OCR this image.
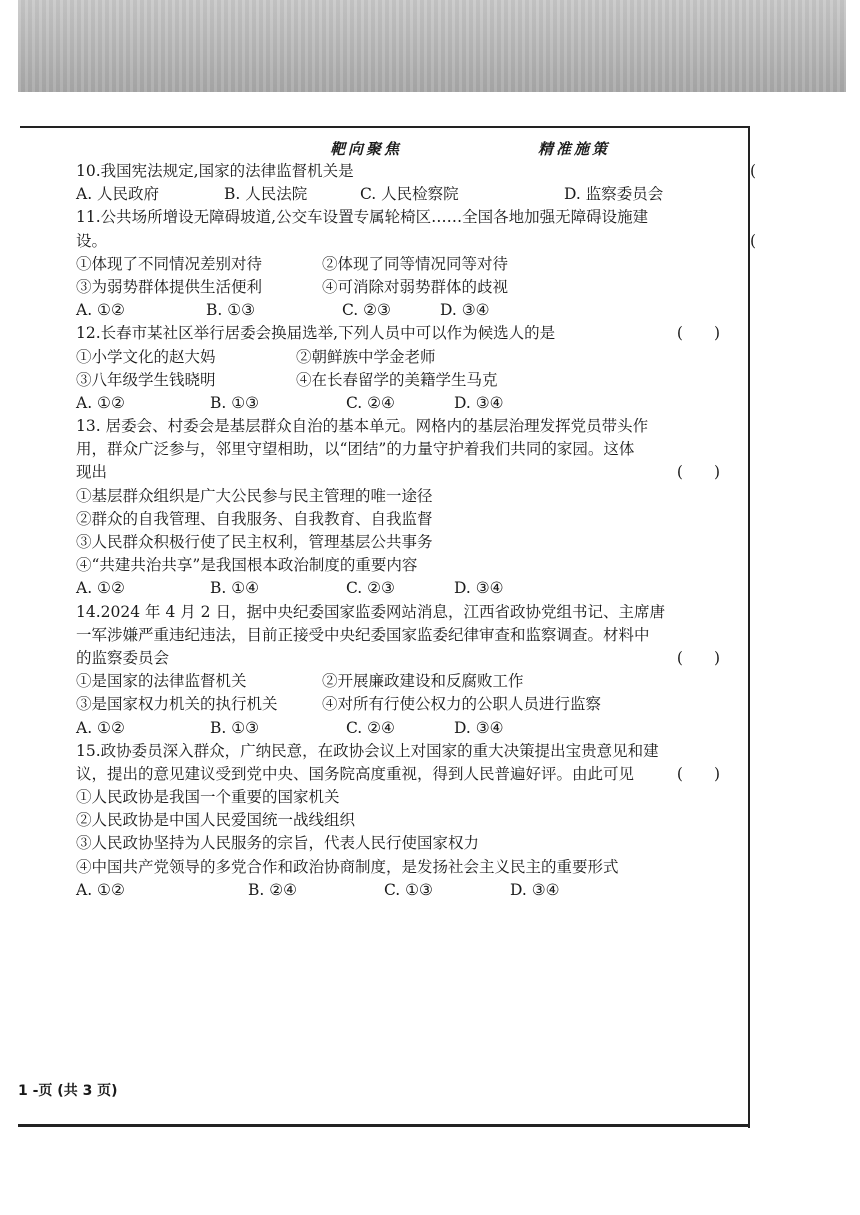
靶向聚焦	精准施策
10.我国宪法规定,国家的法律监督机关是	(
A. 人民政府	B. 人民法院	C. 人民检察院	D. 监察委员会
11.公共场所增设无障碍坡道,公交车设置专属轮椅区……全国各地加强无障碍设施建
设。	(
①体现了不同情况差别对待	②体现了同等情况同等对待
③为弱势群体提供生活便利	④可消除对弱势群体的歧视
A. ①②	B. ①③	C. ②③	D. ③④
12.长春市某社区举行居委会换届选举,下列人员中可以作为候选人的是	(　　)
①小学文化的赵大妈	②朝鲜族中学金老师
③八年级学生钱晓明	④在长春留学的美籍学生马克
A. ①②	B. ①③	C. ②④	D. ③④
13. 居委会、村委会是基层群众自治的基本单元。网格内的基层治理发挥党员带头作
用，群众广泛参与，邻里守望相助，以“团结”的力量守护着我们共同的家园。这体
现出	(　　)
①基层群众组织是广大公民参与民主管理的唯一途径
②群众的自我管理、自我服务、自我教育、自我监督
③人民群众积极行使了民主权利，管理基层公共事务
④“共建共治共享”是我国根本政治制度的重要内容
A. ①②	B. ①④	C. ②③	D. ③④
14.2024 年 4 月 2 日，据中央纪委国家监委网站消息，江西省政协党组书记、主席唐
一军涉嫌严重违纪违法，目前正接受中央纪委国家监委纪律审查和监察调查。材料中
的监察委员会	(　　)
①是国家的法律监督机关	②开展廉政建设和反腐败工作
③是国家权力机关的执行机关	④对所有行使公权力的公职人员进行监察
A. ①②	B. ①③	C. ②④	D. ③④
15.政协委员深入群众，广纳民意，在政协会议上对国家的重大决策提出宝贵意见和建
议，提出的意见建议受到党中央、国务院高度重视，得到人民普遍好评。由此可见	(　　)
①人民政协是我国一个重要的国家机关
②人民政协是中国人民爱国统一战线组织
③人民政协坚持为人民服务的宗旨，代表人民行使国家权力
④中国共产党领导的多党合作和政治协商制度，是发扬社会主义民主的重要形式
A. ①②	B. ②④	C. ①③	D. ③④
1 -页 (共 3 页)
